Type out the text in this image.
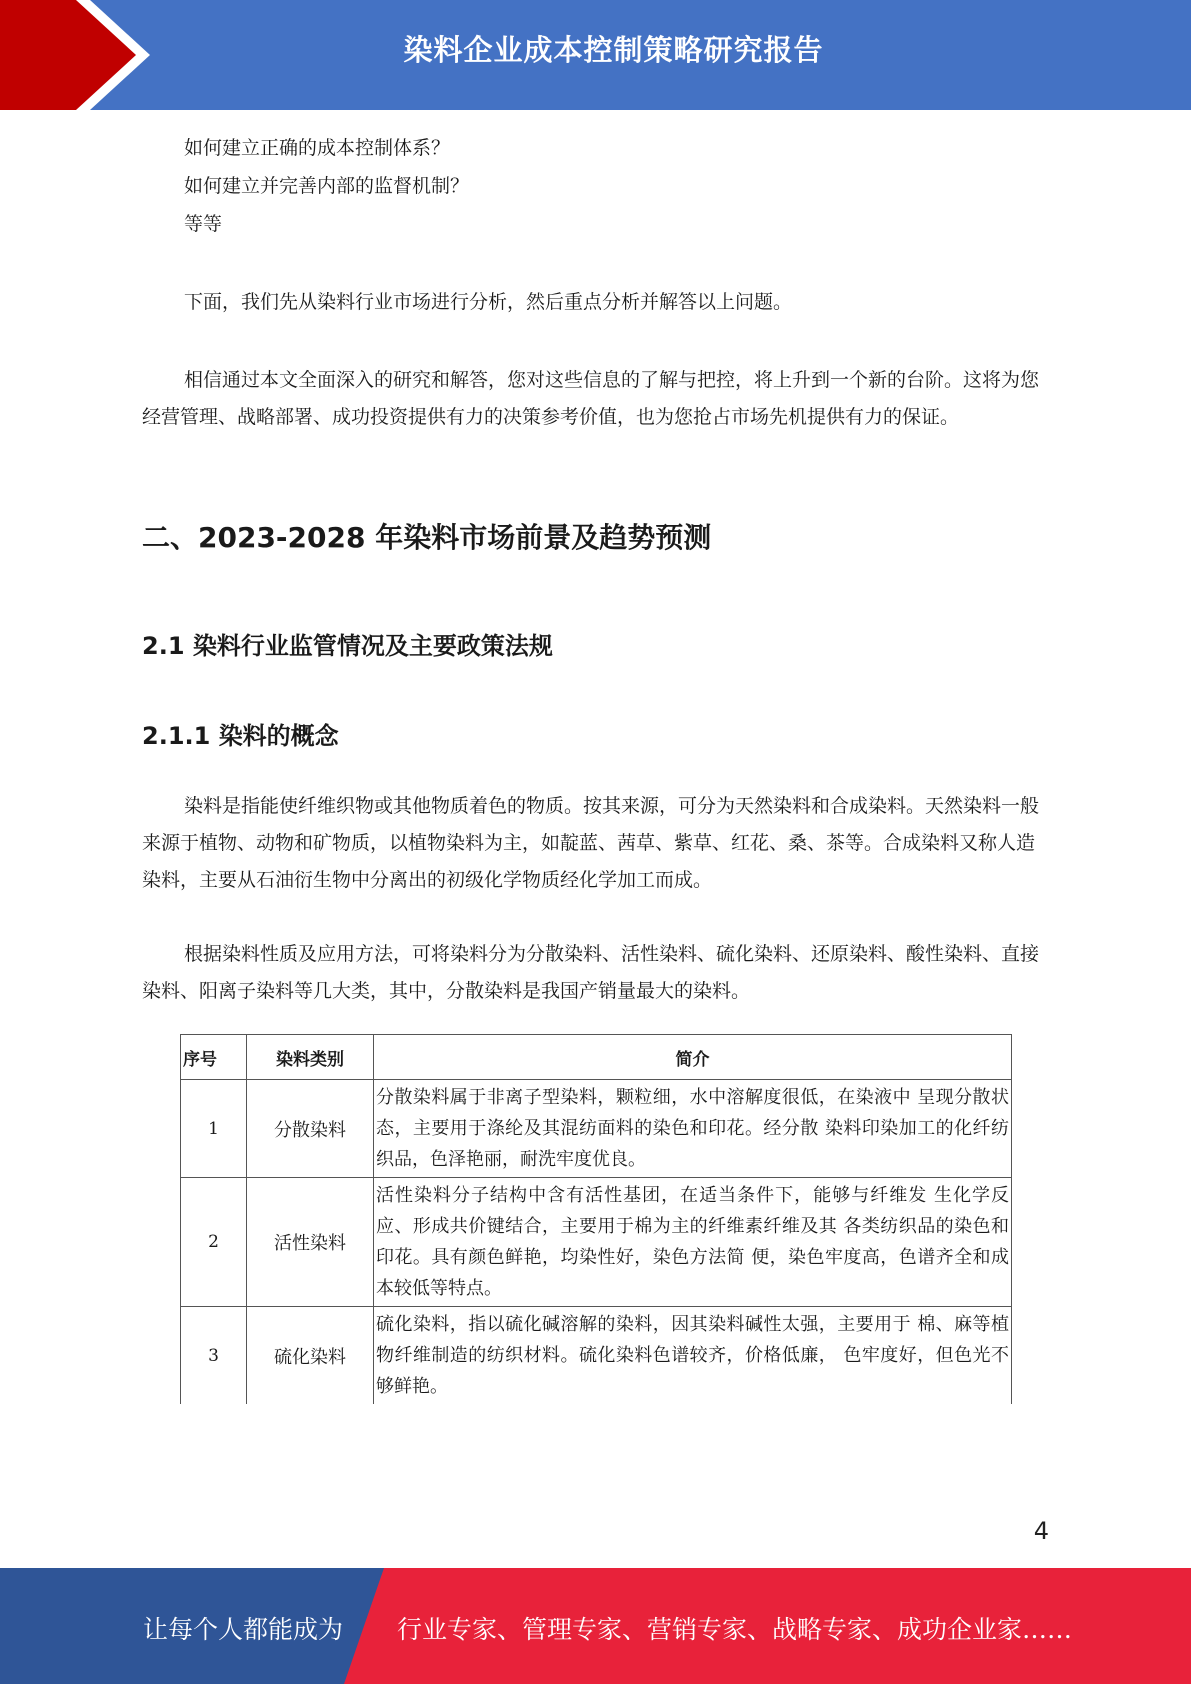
染料企业成本控制策略研究报告

如何建立正确的成本控制体系？

如何建立并完善内部的监督机制？

等等

下面，我们先从染料行业市场进行分析，然后重点分析并解答以上问题。

相信通过本文全面深入的研究和解答，您对这些信息的了解与把控，将上升到一个新的台阶。这将为您经营管理、战略部署、成功投资提供有力的决策参考价值，也为您抢占市场先机提供有力的保证。

二、2023-2028 年染料市场前景及趋势预测
2.1 染料行业监管情况及主要政策法规
2.1.1 染料的概念

染料是指能使纤维织物或其他物质着色的物质。按其来源，可分为天然染料和合成染料。天然染料一般来源于植物、动物和矿物质，以植物染料为主，如靛蓝、茜草、紫草、红花、桑、茶等。合成染料又称人造染料，主要从石油衍生物中分离出的初级化学物质经化学加工而成。

根据染料性质及应用方法，可将染料分为分散染料、活性染料、硫化染料、还原染料、酸性染料、直接染料、阳离子染料等几大类，其中，分散染料是我国产销量最大的染料。

序号	染料类别	简介
1	分散染料	分散染料属于非离子型染料，颗粒细，水中溶解度很低，在染液中 呈现分散状态，主要用于涤纶及其混纺面料的染色和印花。经分散 染料印染加工的化纤纺织品，色泽艳丽，耐洗牢度优良。
2	活性染料	活性染料分子结构中含有活性基团，在适当条件下，能够与纤维发 生化学反应、形成共价键结合，主要用于棉为主的纤维素纤维及其 各类纺织品的染色和印花。具有颜色鲜艳，均染性好，染色方法简 便，染色牢度高，色谱齐全和成本较低等特点。
3	硫化染料	硫化染料，指以硫化碱溶解的染料，因其染料碱性太强，主要用于 棉、麻等植物纤维制造的纺织材料。硫化染料色谱较齐，价格低廉， 色牢度好，但色光不够鲜艳。
4
让每个人都能成为 行业专家、管理专家、营销专家、战略专家、成功企业家……
